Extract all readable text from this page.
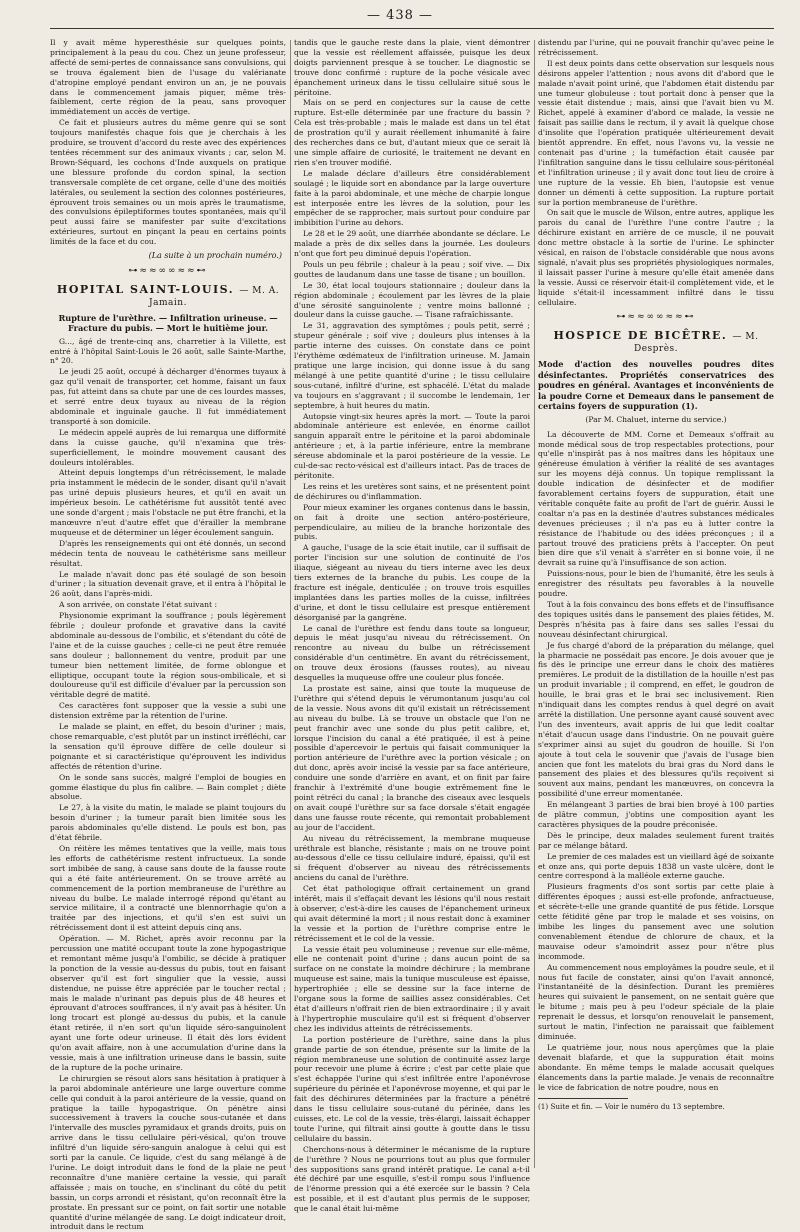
— 438 —

Il y avait même hyperesthésie sur quelques points, principalement à la peau du cou. Chez un jeune professeur, affecté de semi-pertes de connaissance sans convulsions, qui se trouva également bien de l'usage du valérianate d'atropine employé pendant environ un an, je ne pouvais dans le commencement jamais piquer, même très-faiblement, certe région de la peau, sans provoquer immédiatement un accès de vertige.

Ce fait et plusieurs autres du même genre qui se sont toujours manifestés chaque fois que je cherchais à les produire, se trouvent d'accord du reste avec des expériences tentées récemment sur des animaux vivants ; car, selon M. Brown-Séquard, les cochons d'Inde auxquels on pratique une blessure profonde du cordon spinal, la section transversale complète de cet organe, celle d'une des moitiés latérales, ou seulement la section des colonnes postérieures, éprouvent trois semaines ou un mois après le traumatisme, des convulsions épileptiformes toutes spontanées, mais qu'il peut aussi faire se manifester par suite d'excitations extérieures, surtout en pinçant la peau en certains points limités de la face et du cou.

(La suite à un prochain numéro.)
⊶≈≈∞∞≈≈⊷
HOPITAL SAINT-LOUIS. — M. A. Jamain.
Rupture de l'urèthre. — Infiltration urineuse. — Fracture du pubis. — Mort le huitième jour.

G..., âgé de trente-cinq ans, charretier à la Villette, est entré à l'hôpital Saint-Louis le 26 août, salle Sainte-Marthe, n° 20.

Le jeudi 25 août, occupé à décharger d'énormes tuyaux à gaz qu'il venait de transporter, cet homme, faisant un faux pas, fut atteint dans sa chute par une de ces lourdes masses, et serré entre deux tuyaux au niveau de la région abdominale et inguinale gauche. Il fut immédiatement transporté à son domicile.

Le médecin appelé auprès de lui remarqua une difformité dans la cuisse gauche, qu'il n'examina que très-superficiellement, le moindre mouvement causant des douleurs intolérables.

Atteint depuis longtemps d'un rétrécissement, le malade pria instamment le médecin de le sonder, disant qu'il n'avait pas uriné depuis plusieurs heures, et qu'il en avait un impérieux besoin. Le cathétérisme fut aussitôt tenté avec une sonde d'argent ; mais l'obstacle ne put être franchi, et la manœuvre n'eut d'autre effet que d'érailler la membrane muqueuse et de déterminer un léger écoulement sanguin.

D'après les renseignements qui ont été donnés, un second médecin tenta de nouveau le cathétérisme sans meilleur résultat.

Le malade n'avait donc pas été soulagé de son besoin d'uriner ; la situation devenait grave, et il entra à l'hôpital le 26 août, dans l'après-midi.

A son arrivée, on constate l'état suivant :

Physionomie exprimant la souffrance ; pouls légèrement fébrile ; douleur profonde et gravative dans la cavité abdominale au-dessous de l'ombilic, et s'étendant du côté de l'aine et de la cuisse gauches ; celle-ci ne peut être remuée sans douleur ; ballonnement du ventre, produit par une tumeur bien nettement limitée, de forme oblongue et elliptique, occupant toute la région sous-ombilicale, et si douloureuse qu'il est difficile d'évaluer par la percussion son véritable degré de matité.

Ces caractères font supposer que la vessie a subi une distension extrême par la rétention de l'urine.

Le malade se plaint, en effet, du besoin d'uriner ; mais, chose remarquable, c'est plutôt par un instinct irréfléchi, car la sensation qu'il éprouve diffère de celle douleur si poignante et si caractéristique qu'éprouvent les individus affectés de rétention d'urine.

On le sonde sans succès, malgré l'emploi de bougies en gomme élastique du plus fin calibre. — Bain complet ; diète absolue.

Le 27, à la visite du matin, le malade se plaint toujours du besoin d'uriner ; la tumeur paraît bien limitée sous les parois abdominales qu'elle distend. Le pouls est bon, pas d'état fébrile.

On réitère les mêmes tentatives que la veille, mais tous les efforts de cathétérisme restent infructueux. La sonde sort imbibée de sang, à cause sans doute de la fausse route qui a été faite antérieurement. On se trouve arrêté au commencement de la portion membraneuse de l'urèthre au niveau du bulbe. Le malade interrogé répond qu'étant au service militaire, il a contracté une blennorrhagie qu'on a traitée par des injections, et qu'il s'en est suivi un rétrécissement dont il est atteint depuis cinq ans.

Opération. — M. Richet, après avoir reconnu par la percussion une matité occupant toute la zone hypogastrique et remontant même jusqu'à l'ombilic, se décide à pratiquer la ponction de la vessie au-dessus du pubis, tout en faisant observer qu'il est fort singulier que la vessie, aussi distendue, ne puisse être appréciée par le toucher rectal ; mais le malade n'urinant pas depuis plus de 48 heures et éprouvant d'atroces souffrances, il n'y avait pas à hésiter. Un long trocart est plongé au-dessus du pubis, et la canule étant retirée, il n'en sort qu'un liquide séro-sanguinolent ayant une forte odeur urineuse. Il était dès lors évident qu'on avait affaire, non à une accumulation d'urine dans la vessie, mais à une infiltration urineuse dans le bassin, suite de la rupture de la poche urinaire.

Le chirurgien se résout alors sans hésitation à pratiquer à la paroi abdominale antérieure une large ouverture comme celle qui conduit à la paroi antérieure de la vessie, quand on pratique la taille hypogastrique. On pénètre ainsi successivement à travers la couche sous-cutanée et dans l'intervalle des muscles pyramidaux et grands droits, puis on arrive dans le tissu cellulaire péri-vésical, qu'on trouve infiltré d'un liquide séro-sanguin analogue à celui qui est sorti par la canule. Ce liquide, c'est du sang mélangé à de l'urine. Le doigt introduit dans le fond de la plaie ne peut reconnaître d'une manière certaine la vessie, qui paraît affaissée ; mais on touche, en s'inclinant du côté du petit bassin, un corps arrondi et résistant, qu'on reconnaît être la prostate. En pressant sur ce point, on fait sortir une notable quantité d'urine mélangée de sang. Le doigt indicateur droit, introduit dans le rectum

tandis que le gauche reste dans la plaie, vient démontrer que la vessie est réellement affaissée, puisque les deux doigts parviennent presque à se toucher. Le diagnostic se trouve donc confirmé : rupture de la poche vésicale avec épanchement urineux dans le tissu cellulaire situé sous le péritoine.

Mais on se perd en conjectures sur la cause de cette rupture. Est-elle déterminée par une fracture du bassin ? Cela est très-probable ; mais le malade est dans un tel état de prostration qu'il y aurait réellement inhumanité à faire des recherches dans ce but, d'autant mieux que ce serait là une simple affaire de curiosité, le traitement ne devant en rien s'en trouver modifié.

Le malade déclare d'ailleurs être considérablement soulagé ; le liquide sort en abondance par la large ouverture faite à la paroi abdominale, et une mèche de charpie longue est interposée entre les lèvres de la solution, pour les empêcher de se rapprocher, mais surtout pour conduire par imbibition l'urine au dehors.

Le 28 et le 29 août, une diarrhée abondante se déclare. Le malade a près de dix selles dans la journée. Les douleurs n'ont que fort peu diminué depuis l'opération.

Pouls un peu fébrile ; chaleur à la peau ; soif vive. — Dix gouttes de laudanum dans une tasse de tisane ; un bouillon.

Le 30, état local toujours stationnaire ; douleur dans la région abdominale ; écoulement par les lèvres de la plaie d'une sérosité sanguinolente ; ventre moins ballonné ; douleur dans la cuisse gauche. — Tisane rafraîchissante.

Le 31, aggravation des symptômes ; pouls petit, serré ; stupeur générale ; soif vive ; douleurs plus intenses à la partie interne des cuisses. On constate dans ce point l'érythème œdémateux de l'infiltration urineuse. M. Jamain pratique une large incision, qui donne issue à du sang mélangé à une petite quantité d'urine ; le tissu cellulaire sous-cutané, infiltré d'urine, est sphacélé. L'état du malade va toujours en s'aggravant ; il succombe le lendemain, 1er septembre, à huit heures du matin.

Autopsie vingt-six heures après la mort. — Toute la paroi abdominale antérieure est enlevée, en énorme caillot sanguin apparaît entre le péritoine et la paroi abdominale antérieure ; et, à la partie inférieure, entre la membrane séreuse abdominale et la paroi postérieure de la vessie. Le cul-de-sac recto-vésical est d'ailleurs intact. Pas de traces de péritonite.

Les reins et les uretères sont sains, et ne présentent point de déchirures ou d'inflammation.

Pour mieux examiner les organes contenus dans le bassin, on fait à droite une section antéro-postérieure, perpendiculaire, au milieu de la branche horizontale des pubis.

A gauche, l'usage de la scie était inutile, car il suffisait de porter l'incision sur une solution de continuité de l'os iliaque, siégeant au niveau du tiers interne avec les deux tiers externes de la branche du pubis. Les coupe de la fracture est inégale, denticulée ; on trouve trois esquilles implantées dans les parties molles de la cuisse, infiltrées d'urine, et dont le tissu cellulaire est presque entièrement désorganisé par la gangrène.

Le canal de l'urèthre est fendu dans toute sa longueur, depuis le méat jusqu'au niveau du rétrécissement. On rencontre au niveau du bulbe un rétrécissement considérable d'un centimètre. En avant du rétrécissement, on trouve deux érosions (fausses routes), au niveau desquelles la muqueuse offre une couleur plus foncée.

La prostate est saine, ainsi que toute la muqueuse de l'urèthre qui s'étend depuis le vérumontanum jusqu'au col de la vessie. Nous avons dit qu'il existait un rétrécissement au niveau du bulbe. Là se trouve un obstacle que l'on ne peut franchir avec une sonde du plus petit calibre, et, lorsque l'incision du canal a été pratiquée, il est à peine possible d'apercevoir le pertuis qui faisait communiquer la portion antérieure de l'urèthre avec la portion vésicale ; on dut donc, après avoir incisé la vessie par sa face antérieure, conduire une sonde d'arrière en avant, et on finit par faire franchir à l'extrémité d'une bougie extrêmement fine le point rétréci du canal ; la branche des ciseaux avec lesquels on avait coupé l'urèthre sur sa face dorsale s'était engagée dans une fausse route récente, qui remontait probablement au jour de l'accident.

Au niveau du rétrécissement, la membrane muqueuse uréthrale est blanche, résistante ; mais on ne trouve point au-dessous d'elle ce tissu cellulaire induré, épaissi, qu'il est si fréquent d'observer au niveau des rétrécissements anciens du canal de l'urèthre.

Cet état pathologique offrait certainement un grand intérêt, mais il s'effaçait devant les lésions qu'il nous restait à observer, c'est-à-dire les causes de l'épanchement urineux qui avait déterminé la mort ; il nous restait donc à examiner la vessie et la portion de l'urèthre comprise entre le rétrécissement et le col de la vessie.

La vessie était peu volumineuse ; revenue sur elle-même, elle ne contenait point d'urine ; dans aucun point de sa surface on ne constate la moindre déchirure ; la membrane muqueuse est saine, mais la tunique musculeuse est épaisse, hypertrophiée ; elle se dessine sur la face interne de l'organe sous la forme de saillies assez considérables. Cet état d'ailleurs n'offrait rien de bien extraordinaire ; il y avait à l'hypertrophie musculaire qu'il est si fréquent d'observer chez les individus atteints de rétrécissements.

La portion postérieure de l'urèthre, saine dans la plus grande partie de son étendue, présente sur la limite de la région membraneuse une solution de continuité assez large pour recevoir une plume à écrire ; c'est par cette plaie que s'est échappée l'urine qui s'est infiltrée entre l'aponévrose supérieure du périnée et l'aponévrose moyenne, et qui par le fait des déchirures déterminées par la fracture a pénétré dans le tissu cellulaire sous-cutané du périnée, dans les cuisses, etc. Le col de la vessie, très-élargi, laissait échapper toute l'urine, qui filtrait ainsi goutte à goutte dans le tissu cellulaire du bassin.

Cherchons-nous à déterminer le mécanisme de la rupture de l'urèthre ? Nous ne pourrions tout au plus que formuler des suppositions sans grand intérêt pratique. Le canal a-t-il été déchiré par une esquille, s'est-il rompu sous l'influence de l'énorme pression qui a été exercée sur le bassin ? Cela est possible, et il est d'autant plus permis de le supposer, que le canal était lui-même

distendu par l'urine, qui ne pouvait franchir qu'avec peine le rétrécissement.

Il est deux points dans cette observation sur lesquels nous désirons appeler l'attention ; nous avons dit d'abord que le malade n'avait point uriné, que l'abdomen était distendu par une tumeur globuleuse : tout portait donc à penser que la vessie était distendue ; mais, ainsi que l'avait bien vu M. Richet, appelé à examiner d'abord ce malade, la vessie ne faisait pas saillie dans le rectum, il y avait là quelque chose d'insolite que l'opération pratiquée ultérieurement devait bientôt apprendre. En effet, nous l'avons vu, la vessie ne contenait pas d'urine ; la tuméfaction était causée par l'infiltration sanguine dans le tissu cellulaire sous-péritonéal et l'infiltration urineuse ; il y avait donc tout lieu de croire à une rupture de la vessie. Eh bien, l'autopsie est venue donner un démenti à cette supposition. La rupture portait sur la portion membraneuse de l'urèthre.

On sait que le muscle de Wilson, entre autres, applique les parois du canal de l'urèthre l'une contre l'autre ; la déchirure existant en arrière de ce muscle, il ne pouvait donc mettre obstacle à la sortie de l'urine. Le sphincter vésical, en raison de l'obstacle considérable que nous avons signalé, n'avait plus ses propriétés physiologiques normales, il laissait passer l'urine à mesure qu'elle était amenée dans la vessie. Aussi ce réservoir était-il complètement vide, et le liquide s'était-il incessamment infiltré dans le tissu cellulaire.

⊶≈≈∞∞≈≈⊷
HOSPICE DE BICÊTRE. — M. Desprès.
Mode d'action des nouvelles poudres dites désinfectantes. Propriétés conservatrices des poudres en général. Avantages et inconvénients de la poudre Corne et Demeaux dans le pansement de certains foyers de suppuration (1).
(Par M. Chaluet, interne du service.)

La découverte de MM. Corne et Demeaux s'offrait au monde médical sous de trop respectables protections, pour qu'elle n'inspirât pas à nos maîtres dans les hôpitaux une généreuse émulation à vérifier la réalité de ses avantages sur les moyens déjà connus. Un topique remplissant la double indication de désinfecter et de modifier favorablement certains foyers de suppuration, était une véritable conquête faite au profit de l'art de guérir. Aussi le coaltar n'a pas en la destinée d'autres substances médicales devenues précieuses ; il n'a pas eu à lutter contre la résistance de l'habitude ou des idées préconçues ; il a partout trouvé des praticiens prêts à l'accepter. On peut bien dire que s'il venait à s'arrêter en si bonne voie, il ne devrait sa ruine qu'à l'insuffisance de son action.

Puissions-nous, pour le bien de l'humanité, être les seuls à enregistrer des résultats peu favorables à la nouvelle poudre.

Tout à la fois convaincu des bons effets et de l'insuffisance des topiques usités dans le pansement des plaies fétides, M. Desprès n'hésita pas à faire dans ses salles l'essai du nouveau désinfectant chirurgical.

Je fus chargé d'abord de la préparation du mélange, quel la pharmacie ne possédait pas encore. Je dois avouer que je fis dès le principe une erreur dans le choix des matières premières. Le produit de la distillation de la houille n'est pas un produit invariable ; il comprend, en effet, le goudron de houille, le brai gras et le brai sec inclusivement. Rien n'indiquait dans les comptes rendus à quel degré on avait arrêté la distillation. Une personne ayant causé souvent avec l'un des inventeurs, avait appris de lui que ledit coaltar n'était d'aucun usage dans l'industrie. On ne pouvait guère s'exprimer ainsi au sujet du goudron de houille. Si l'on ajoute à tout cela le souvenir que j'avais de l'usage bien ancien que font les matelots du brai gras du Nord dans le pansement des plaies et des blessures qu'ils reçoivent si souvent aux mains, pendant les manœuvres, on concevra la possibilité d'une erreur momentanée.

En mélangeant 3 parties de brai bien broyé à 100 parties de plâtre commun, j'obtins une composition ayant les caractères physiques de la poudre préconisée.

Dès le principe, deux malades seulement furent traités par ce mélange bâtard.

Le premier de ces malades est un vieillard âgé de soixante et onze ans, qui porte depuis 1838 un vaste ulcère, dont le centre correspond à la malléole externe gauche.

Plusieurs fragments d'os sont sortis par cette plaie à différentes époques ; aussi est-elle profonde, anfractueuse, et sécrète-t-elle une grande quantité de pus fétide. Lorsque cette fétidité gêne par trop le malade et ses voisins, on imbibe les linges du pansement avec une solution convenablement étendue de chlorure de chaux, et la mauvaise odeur s'amoindrit assez pour n'être plus incommode.

Au commencement nous employâmes la poudre seule, et il nous fut facile de constater, ainsi qu'on l'avait annoncé, l'instantanéité de la désinfection. Durant les premières heures qui suivaient le pansement, on ne sentait guère que le bitume ; mais peu à peu l'odeur spéciale de la plaie reprenait le dessus, et lorsqu'on renouvelait le pansement, surtout le matin, l'infection ne paraissait que faiblement diminuée.

Le quatrième jour, nous nous aperçûmes que la plaie devenait blafarde, et que la suppuration était moins abondante. En même temps le malade accusait quelques élancements dans la partie malade. Je venais de reconnaître le vice de fabrication de notre poudre, nous en

(1) Suite et fin. — Voir le numéro du 13 septembre.
